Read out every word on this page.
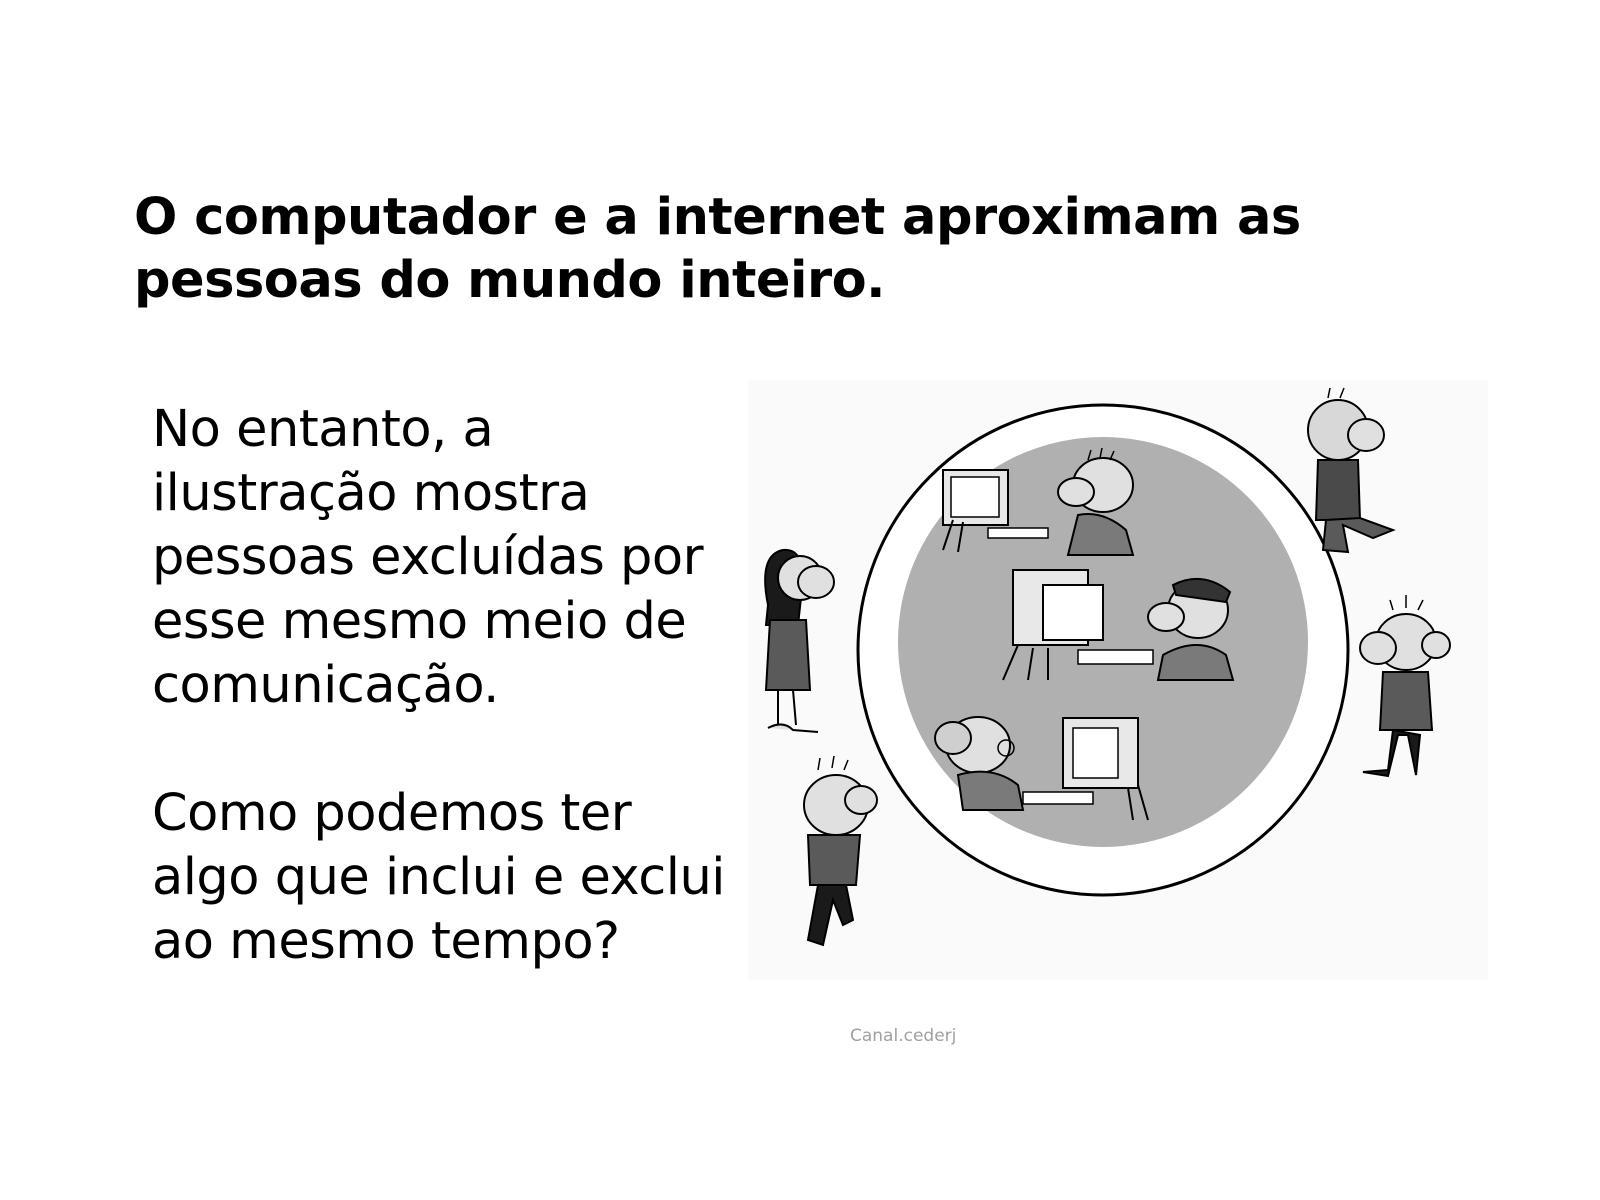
O computador e a internet aproximam as pessoas do mundo inteiro.

No entanto, a ilustração mostra pessoas excluídas por esse mesmo meio de comunicação.

Como podemos ter algo que inclui e exclui ao mesmo tempo?

Canal.cederj
